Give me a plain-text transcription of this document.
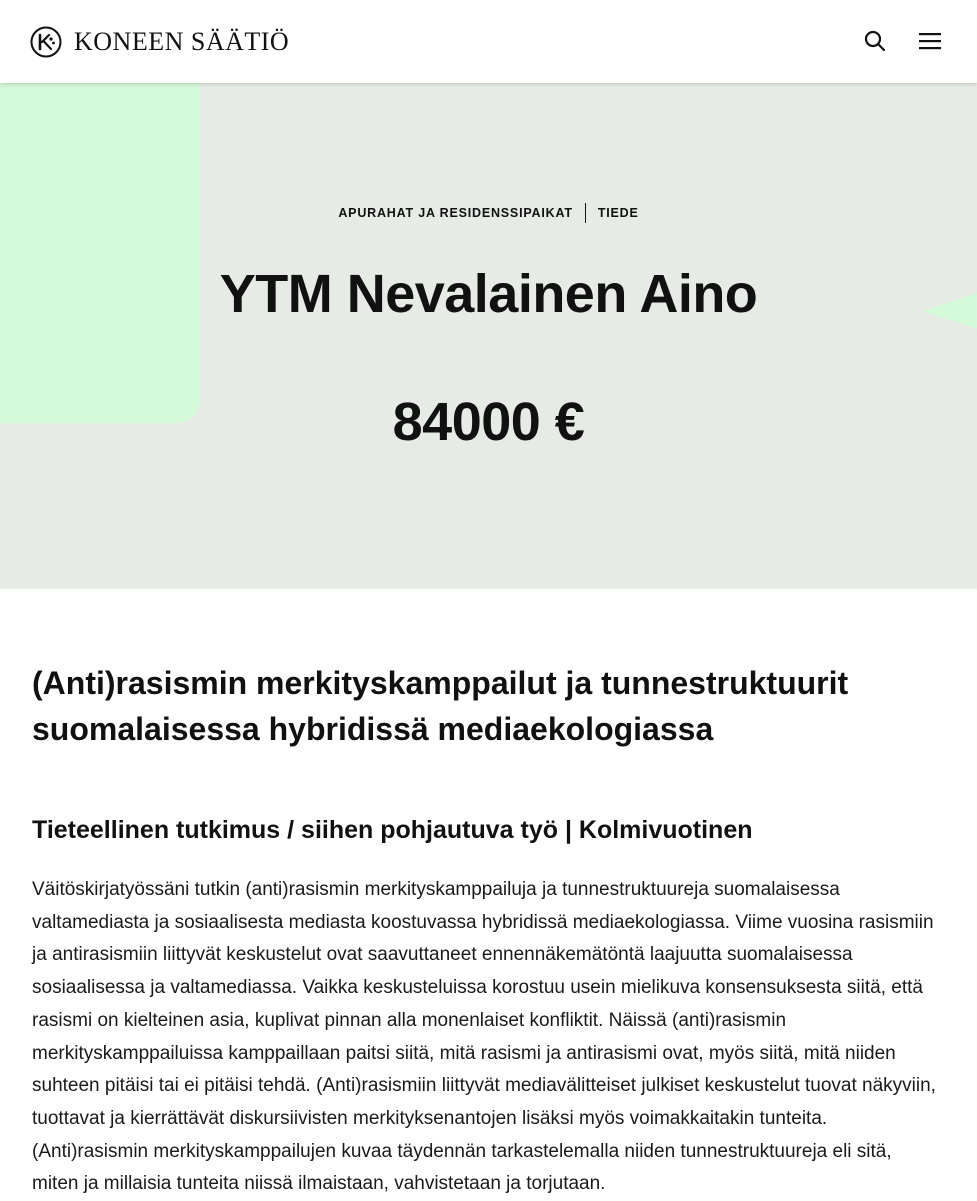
KONEEN SÄÄTIÖ
APURAHAT JA RESIDENSSIPAIKAT	TIEDE
YTM Nevalainen Aino
84000 €
(Anti)rasismin merkityskamppailut ja tunnestruktuurit suomalaisessa hybridissä mediaekologiassa
Tieteellinen tutkimus / siihen pohjautuva työ | Kolmivuotinen

Väitöskirjatyössäni tutkin (anti)rasismin merkityskamppailuja ja tunnestruktuureja suomalaisessa valtamediasta ja sosiaalisesta mediasta koostuvassa hybridissä mediaekologiassa. Viime vuosina rasismiin ja antirasismiin liittyvät keskustelut ovat saavuttaneet ennennäkemätöntä laajuutta suomalaisessa sosiaalisessa ja valtamediassa. Vaikka keskusteluissa korostuu usein mielikuva konsensuksesta siitä, että rasismi on kielteinen asia, kuplivat pinnan alla monenlaiset konfliktit. Näissä (anti)rasismin merkityskamppailuissa kamppaillaan paitsi siitä, mitä rasismi ja antirasismi ovat, myös siitä, mitä niiden suhteen pitäisi tai ei pitäisi tehdä. (Anti)rasismiin liittyvät mediavälitteiset julkiset keskustelut tuovat näkyviin, tuottavat ja kierrättävät diskursiivisten merkityksenantojen lisäksi myös voimakkaitakin tunteita. (Anti)rasismin merkityskamppailujen kuvaa täydennän tarkastelemalla niiden tunnestruktuureja eli sitä, miten ja millaisia tunteita niissä ilmaistaan, vahvistetaan ja torjutaan.
